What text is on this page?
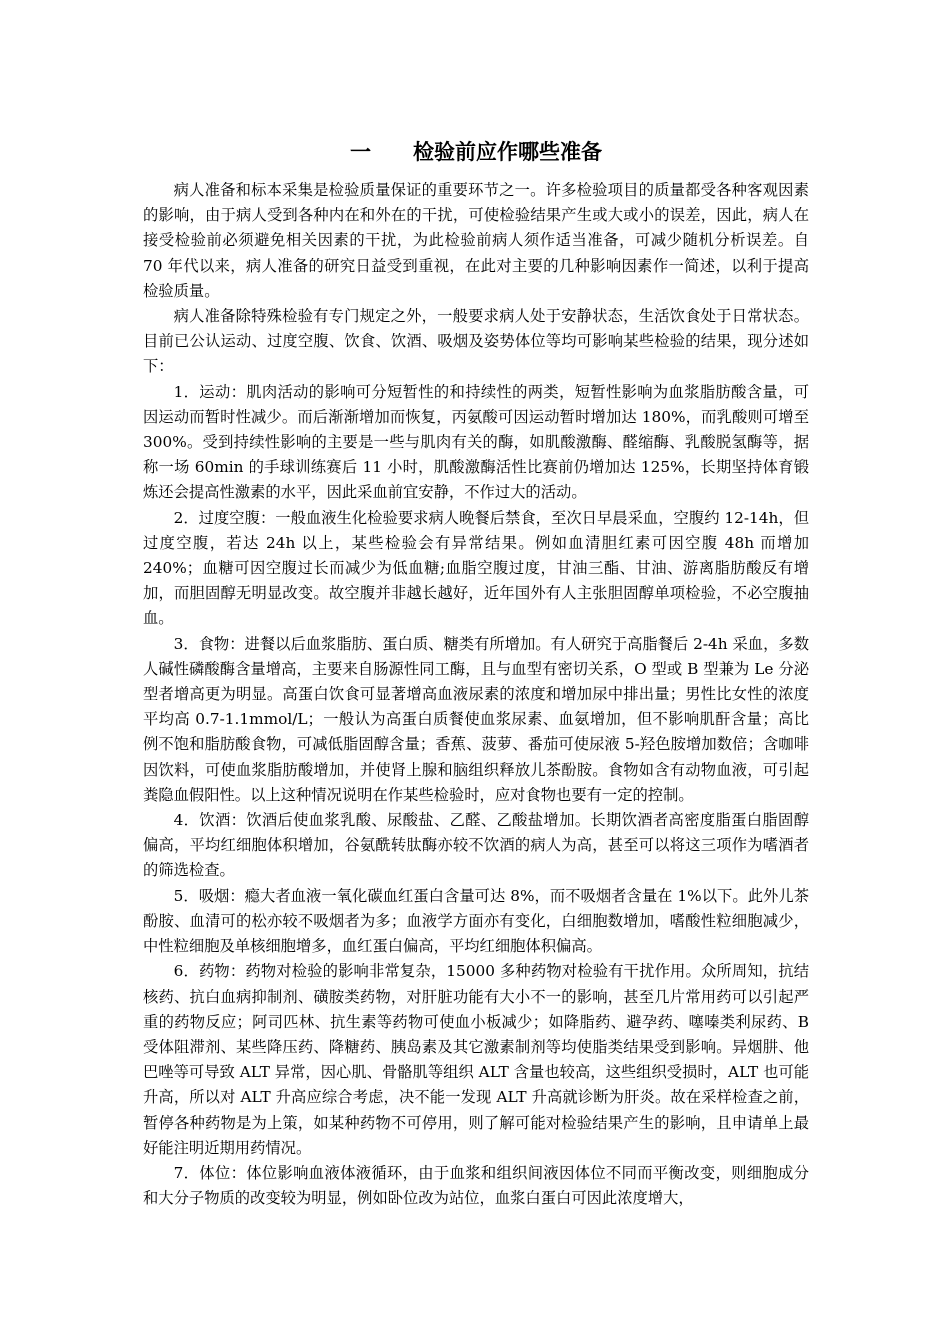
一　　检验前应作哪些准备

病人准备和标本采集是检验质量保证的重要环节之一。许多检验项目的质量都受各种客观因素的影响，由于病人受到各种内在和外在的干扰，可使检验结果产生或大或小的误差，因此，病人在接受检验前必须避免相关因素的干扰，为此检验前病人须作适当准备，可减少随机分析误差。自 70 年代以来，病人准备的研究日益受到重视，在此对主要的几种影响因素作一简述，以利于提高检验质量。

病人准备除特殊检验有专门规定之外，一般要求病人处于安静状态，生活饮食处于日常状态。目前已公认运动、过度空腹、饮食、饮酒、吸烟及姿势体位等均可影响某些检验的结果，现分述如下：

1．运动：肌肉活动的影响可分短暂性的和持续性的两类，短暂性影响为血浆脂肪酸含量，可因运动而暂时性减少。而后渐渐增加而恢复，丙氨酸可因运动暂时增加达 180%，而乳酸则可增至 300%。受到持续性影响的主要是一些与肌肉有关的酶，如肌酸激酶、醛缩酶、乳酸脱氢酶等，据称一场 60min 的手球训练赛后 11 小时，肌酸激酶活性比赛前仍增加达 125%，长期坚持体育锻炼还会提高性激素的水平，因此采血前宜安静，不作过大的活动。

2．过度空腹：一般血液生化检验要求病人晚餐后禁食，至次日早晨采血，空腹约 12-14h，但过度空腹，若达 24h 以上，某些检验会有异常结果。例如血清胆红素可因空腹 48h 而增加 240%；血糖可因空腹过长而减少为低血糖;血脂空腹过度，甘油三酯、甘油、游离脂肪酸反有增加，而胆固醇无明显改变。故空腹并非越长越好，近年国外有人主张胆固醇单项检验，不必空腹抽血。

3．食物：进餐以后血浆脂肪、蛋白质、糖类有所增加。有人研究于高脂餐后 2-4h 采血，多数人碱性磷酸酶含量增高，主要来自肠源性同工酶，且与血型有密切关系，O 型或 B 型兼为 Le 分泌型者增高更为明显。高蛋白饮食可显著增高血液尿素的浓度和增加尿中排出量；男性比女性的浓度平均高 0.7-1.1mmol/L；一般认为高蛋白质餐使血浆尿素、血氨增加，但不影响肌酐含量；高比例不饱和脂肪酸食物，可减低脂固醇含量；香蕉、菠萝、番茄可使尿液 5-羟色胺增加数倍；含咖啡因饮料，可使血浆脂肪酸增加，并使肾上腺和脑组织释放儿茶酚胺。食物如含有动物血液，可引起粪隐血假阳性。以上这种情况说明在作某些检验时，应对食物也要有一定的控制。

4．饮酒：饮酒后使血浆乳酸、尿酸盐、乙醛、乙酸盐增加。长期饮酒者高密度脂蛋白脂固醇偏高，平均红细胞体积增加，谷氨酰转肽酶亦较不饮酒的病人为高，甚至可以将这三项作为嗜酒者的筛选检查。

5．吸烟：瘾大者血液一氧化碳血红蛋白含量可达 8%，而不吸烟者含量在 1%以下。此外儿茶酚胺、血清可的松亦较不吸烟者为多；血液学方面亦有变化，白细胞数增加，嗜酸性粒细胞减少，中性粒细胞及单核细胞增多，血红蛋白偏高，平均红细胞体积偏高。

6．药物：药物对检验的影响非常复杂，15000 多种药物对检验有干扰作用。众所周知，抗结核药、抗白血病抑制剂、磺胺类药物，对肝脏功能有大小不一的影响，甚至几片常用药可以引起严重的药物反应；阿司匹林、抗生素等药物可使血小板减少；如降脂药、避孕药、噻嗪类利尿药、B 受体阻滞剂、某些降压药、降糖药、胰岛素及其它激素制剂等均使脂类结果受到影响。异烟肼、他巴唑等可导致 ALT 异常，因心肌、骨骼肌等组织 ALT 含量也较高，这些组织受损时，ALT 也可能升高，所以对 ALT 升高应综合考虑，决不能一发现 ALT 升高就诊断为肝炎。故在采样检查之前，暂停各种药物是为上策，如某种药物不可停用，则了解可能对检验结果产生的影响，且申请单上最好能注明近期用药情况。

7．体位：体位影响血液体液循环，由于血浆和组织间液因体位不同而平衡改变，则细胞成分和大分子物质的改变较为明显，例如卧位改为站位，血浆白蛋白可因此浓度增大，
